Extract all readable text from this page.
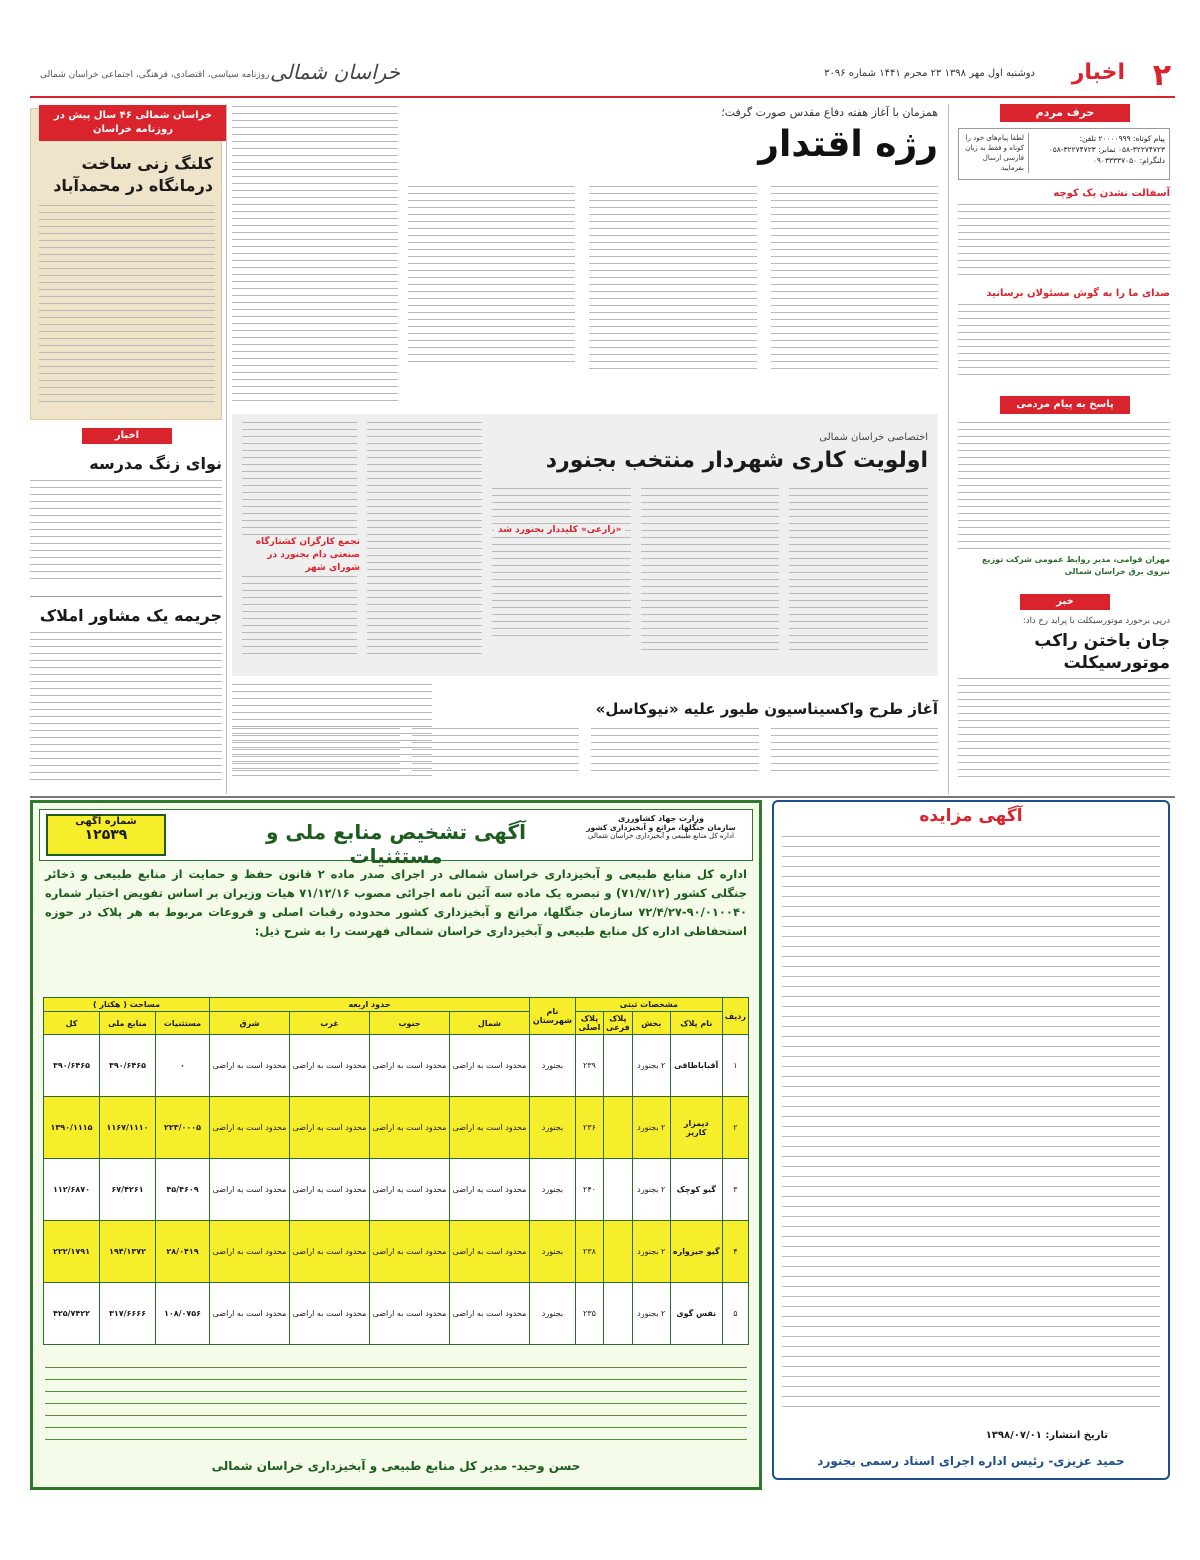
۲
اخبار
دوشنبه اول مهر ۱۳۹۸ ۲۳ محرم ۱۴۴۱ شماره ۳۰۹۶
خراسان شمالی
روزنامه سیاسی، اقتصادی، فرهنگی، اجتماعی خراسان شمالی
حرف مردم
پیام کوتاه: ۲۰۰۰۰۹۹۹ تلفن: ۳۲۲۷۴۷۲۳-۰۵۸ تمابر: ۳۲۲۷۴۷۲۳-۰۵۸ دلنگرام: ۰۹۰۳۳۳۳۷۰۵۰
لطفا پیام‌های خود را کوتاه و فقط به زبان فارسی ارسال بفرمایید
آسفالت نشدن یک کوچه
صدای ما را به گوش مسئولان برسانید
پاسخ به پیام مردمی
مهران قوامی، مدیر روابط عمومی شرکت توزیع نیروی برق خراسان شمالی
خبر
درپی برخورد موتورسیکلت با پراید رخ داد:
جان باختن راکب موتورسیکلت
همزمان با آغاز هفته دفاع مقدس صورت گرفت؛
رژه اقتدار
خراسان شمالی ۴۶ سال پیش در روزنامه خراسان
کلنگ زنی ساخت درمانگاه در محمدآباد
اخبار
نوای زنگ مدرسه
جریمه یک مشاور املاک
اختصاصی خراسان شمالی
اولویت کاری شهردار منتخب بجنورد
«زارعی» کلیددار بجنورد شد
تجمع کارگران کشتارگاه صنعتی دام بجنورد در شورای شهر
آغاز طرح واکسیناسیون طیور علیه «نیوکاسل»
آگهی مزایده
تاریخ انتشار: ۱۳۹۸/۰۷/۰۱
حمید عزیزی- رئیس اداره اجرای اسناد رسمی بجنورد
وزارت جهاد کشاورزی
سازمان جنگلها، مراتع و آبخیزداری کشور
اداره کل منابع طبیعی و آبخیزداری خراسان شمالی
آگهی تشخیص منابع ملی و مستثنیات
شماره آگهی
۱۲۵۳۹
اداره کل منابع طبیعی و آبخیزداری خراسان شمالی در اجرای صدر ماده ۲ قانون حفظ و حمایت از منابع طبیعی و ذخائر جنگلی کشور (۷۱/۷/۱۲) و تبصره یک ماده سه آئین نامه اجرائی مصوب ۷۱/۱۲/۱۶ هیات وزیران بر اساس تفویض اختیار شماره ۹۰/۰۱۰۰۴۰-۷۲/۴/۲۷ سازمان جنگلها، مراتع و آبخیزداری کشور محدوده رقبات اصلی و فروعات مربوط به هر پلاک در حوزه استحفاظی اداره کل منابع طبیعی و آبخیزداری خراسان شمالی فهرست را به شرح ذیل:
ردیف	مشخصات ثبتی				نام شهرستان	حدود اربعه				مساحت ( هکتار )		
	نام پلاک	بخش	پلاک فرعی	پلاک اصلی		شمال	جنوب	غرب	شرق	مستثنیات	منابع ملی	کل
۱	آقباباطاقی	۲ بجنورد		۲۳۹	بجنورد	محدود است به اراضی	محدود است به اراضی	محدود است به اراضی	محدود است به اراضی	۰	۳۹۰/۶۴۶۵	۳۹۰/۶۴۶۵
۲	دیمزار کاریز	۲ بجنورد		۲۳۶	بجنورد	محدود است به اراضی	محدود است به اراضی	محدود است به اراضی	محدود است به اراضی	۲۲۳/۰۰۰۵	۱۱۶۷/۱۱۱۰	۱۳۹۰/۱۱۱۵
۳	گیو کوچک	۲ بجنورد		۲۴۰	بجنورد	محدود است به اراضی	محدود است به اراضی	محدود است به اراضی	محدود است به اراضی	۴۵/۴۶۰۹	۶۷/۴۲۶۱	۱۱۲/۶۸۷۰
۴	گیو خیزواره	۲ بجنورد		۲۳۸	بجنورد	محدود است به اراضی	محدود است به اراضی	محدود است به اراضی	محدود است به اراضی	۲۸/۰۴۱۹	۱۹۴/۱۳۷۲	۲۲۲/۱۷۹۱
۵	نفس گوی	۲ بجنورد		۲۳۵	بجنورد	محدود است به اراضی	محدود است به اراضی	محدود است به اراضی	محدود است به اراضی	۱۰۸/۰۷۵۶	۳۱۷/۶۶۶۶	۴۲۵/۷۴۲۲
حسن وحید- مدیر کل منابع طبیعی و آبخیزداری خراسان شمالی
